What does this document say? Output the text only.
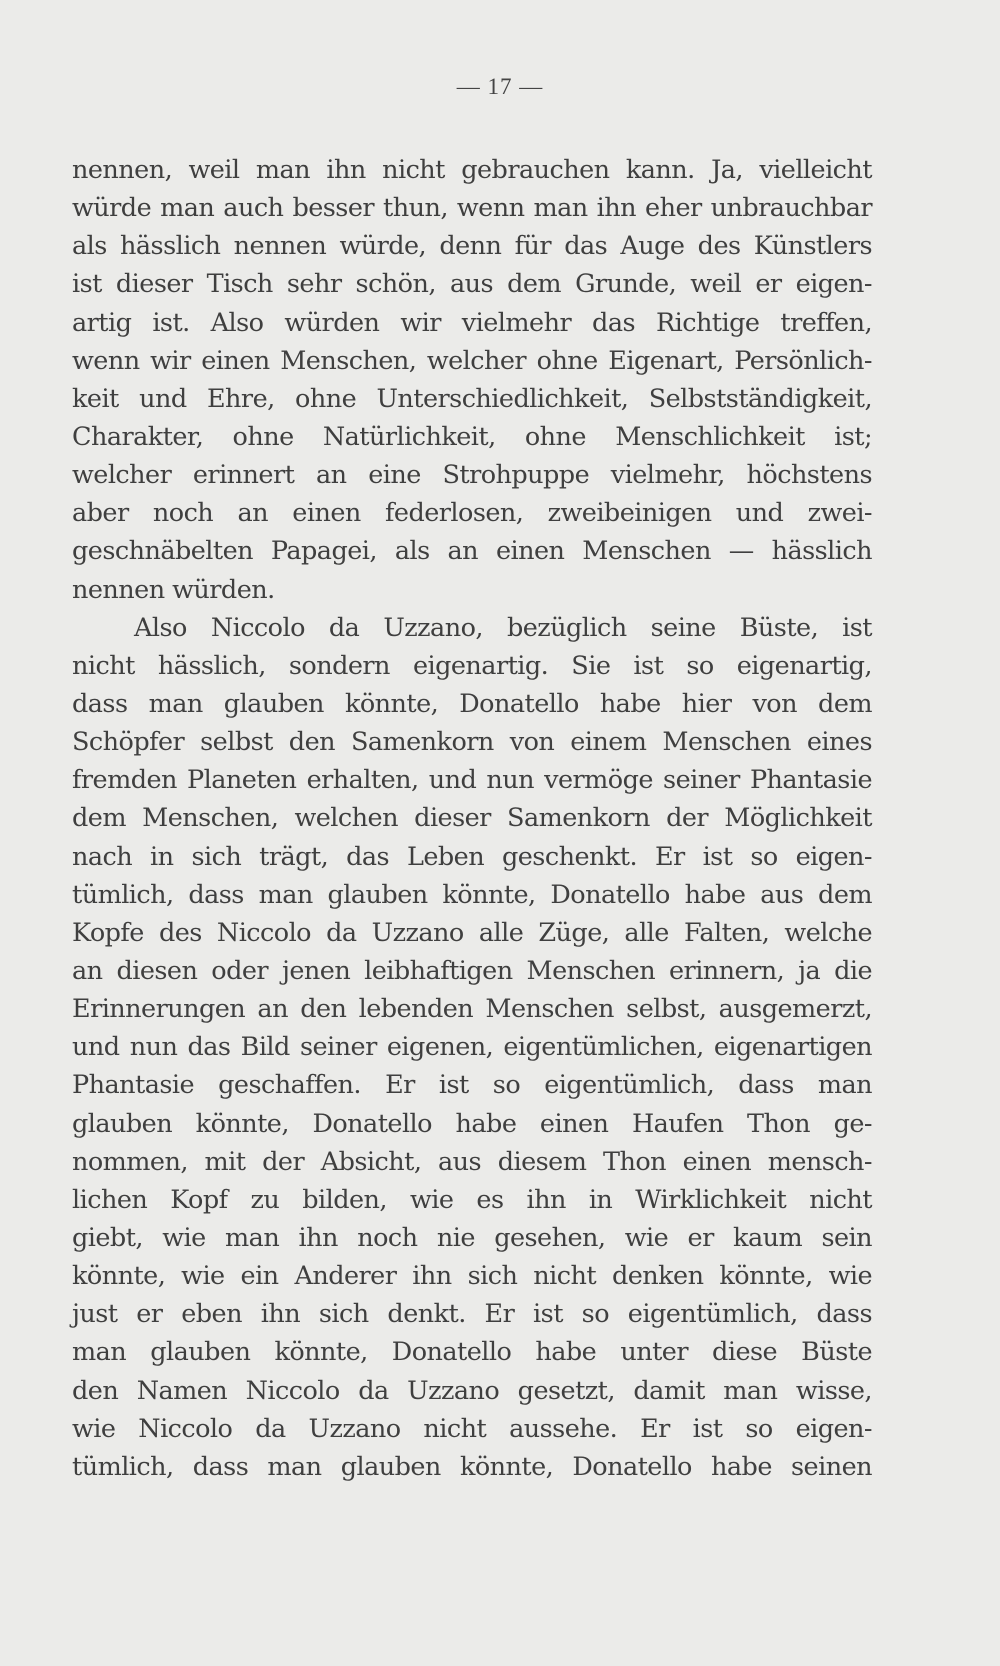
— 17 —
nennen, weil man ihn nicht gebrauchen kann. Ja, vielleicht
würde man auch besser thun, wenn man ihn eher unbrauchbar
als hässlich nennen würde, denn für das Auge des Künstlers
ist dieser Tisch sehr schön, aus dem Grunde, weil er eigen-
artig ist. Also würden wir vielmehr das Richtige treffen,
wenn wir einen Menschen, welcher ohne Eigenart, Persönlich-
keit und Ehre, ohne Unterschiedlichkeit, Selbstständigkeit,
Charakter, ohne Natürlichkeit, ohne Menschlichkeit ist;
welcher erinnert an eine Strohpuppe vielmehr, höchstens
aber noch an einen federlosen, zweibeinigen und zwei-
geschnäbelten Papagei, als an einen Menschen — hässlich
nennen würden.
Also Niccolo da Uzzano, bezüglich seine Büste, ist
nicht hässlich, sondern eigenartig. Sie ist so eigenartig,
dass man glauben könnte, Donatello habe hier von dem
Schöpfer selbst den Samenkorn von einem Menschen eines
fremden Planeten erhalten, und nun vermöge seiner Phantasie
dem Menschen, welchen dieser Samenkorn der Möglichkeit
nach in sich trägt, das Leben geschenkt. Er ist so eigen-
tümlich, dass man glauben könnte, Donatello habe aus dem
Kopfe des Niccolo da Uzzano alle Züge, alle Falten, welche
an diesen oder jenen leibhaftigen Menschen erinnern, ja die
Erinnerungen an den lebenden Menschen selbst, ausgemerzt,
und nun das Bild seiner eigenen, eigentümlichen, eigenartigen
Phantasie geschaffen. Er ist so eigentümlich, dass man
glauben könnte, Donatello habe einen Haufen Thon ge-
nommen, mit der Absicht, aus diesem Thon einen mensch-
lichen Kopf zu bilden, wie es ihn in Wirklichkeit nicht
giebt, wie man ihn noch nie gesehen, wie er kaum sein
könnte, wie ein Anderer ihn sich nicht denken könnte, wie
just er eben ihn sich denkt. Er ist so eigentümlich, dass
man glauben könnte, Donatello habe unter diese Büste
den Namen Niccolo da Uzzano gesetzt, damit man wisse,
wie Niccolo da Uzzano nicht aussehe. Er ist so eigen-
tümlich, dass man glauben könnte, Donatello habe seinen
